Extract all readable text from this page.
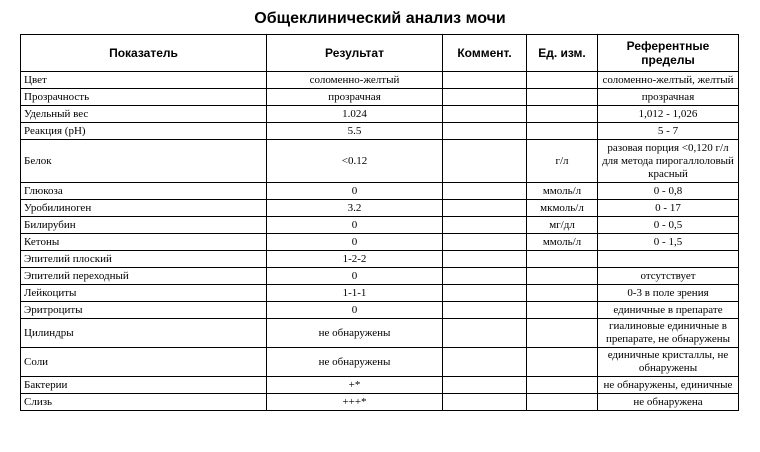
Общеклинический анализ мочи
Показатель	Результат	Коммент.	Ед. изм.	Референтные пределы
Цвет	соломенно-желтый			соломенно-желтый, желтый
Прозрачность	прозрачная			прозрачная
Удельный вес	1.024			1,012 - 1,026
Реакция (pH)	5.5			5 - 7
Белок	<0.12		г/л	разовая порция <0,120 г/л для метода пирогаллоловый красный
Глюкоза	0		ммоль/л	0 - 0,8
Уробилиноген	3.2		мкмоль/л	0 - 17
Билирубин	0		мг/дл	0 - 0,5
Кетоны	0		ммоль/л	0 - 1,5
Эпителий плоский	1-2-2			
Эпителий переходный	0			отсутствует
Лейкоциты	1-1-1			0-3 в поле зрения
Эритроциты	0			единичные в препарате
Цилиндры	не обнаружены			гиалиновые единичные в препарате, не обнаружены
Соли	не обнаружены			единичные кристаллы, не обнаружены
Бактерии	+*			не обнаружены, единичные
Слизь	+++*			не обнаружена
